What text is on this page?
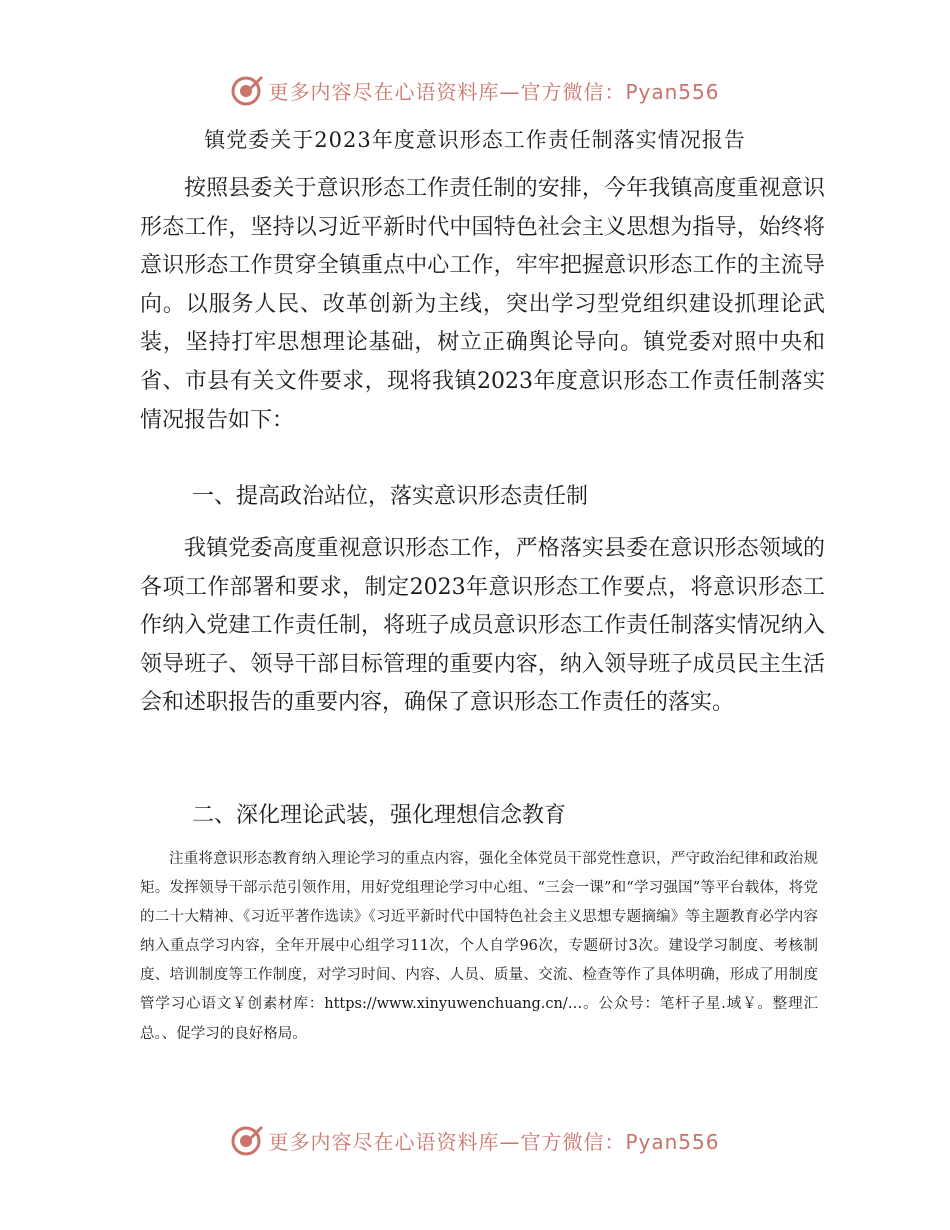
更多内容尽在心语资料库—官方微信：Pyan556
镇党委关于2023年度意识形态工作责任制落实情况报告

按照县委关于意识形态工作责任制的安排，今年我镇高度重视意识形态工作，坚持以习近平新时代中国特色社会主义思想为指导，始终将意识形态工作贯穿全镇重点中心工作，牢牢把握意识形态工作的主流导向。以服务人民、改革创新为主线，突出学习型党组织建设抓理论武装，坚持打牢思想理论基础，树立正确舆论导向。镇党委对照中央和省、市县有关文件要求，现将我镇2023年度意识形态工作责任制落实情况报告如下：

一、提高政治站位，落实意识形态责任制

我镇党委高度重视意识形态工作，严格落实县委在意识形态领域的各项工作部署和要求，制定2023年意识形态工作要点，将意识形态工作纳入党建工作责任制，将班子成员意识形态工作责任制落实情况纳入领导班子、领导干部目标管理的重要内容，纳入领导班子成员民主生活会和述职报告的重要内容，确保了意识形态工作责任的落实。

二、深化理论武装，强化理想信念教育

注重将意识形态教育纳入理论学习的重点内容，强化全体党员干部党性意识，严守政治纪律和政治规矩。发挥领导干部示范引领作用，用好党组理论学习中心组、“三会一课”和“学习强国”等平台载体，将党的二十大精神、《习近平著作选读》《习近平新时代中国特色社会主义思想专题摘编》等主题教育必学内容纳入重点学习内容，全年开展中心组学习11次，个人自学96次，专题研讨3次。建设学习制度、考核制度、培训制度等工作制度，对学习时间、内容、人员、质量、交流、检查等作了具体明确，形成了用制度管学习心语文￥创素材库：https://www.xinyuwenchuang.cn/…。公众号：笔杆子星.域￥。整理汇总。、促学习的良好格局。

更多内容尽在心语资料库—官方微信：Pyan556
